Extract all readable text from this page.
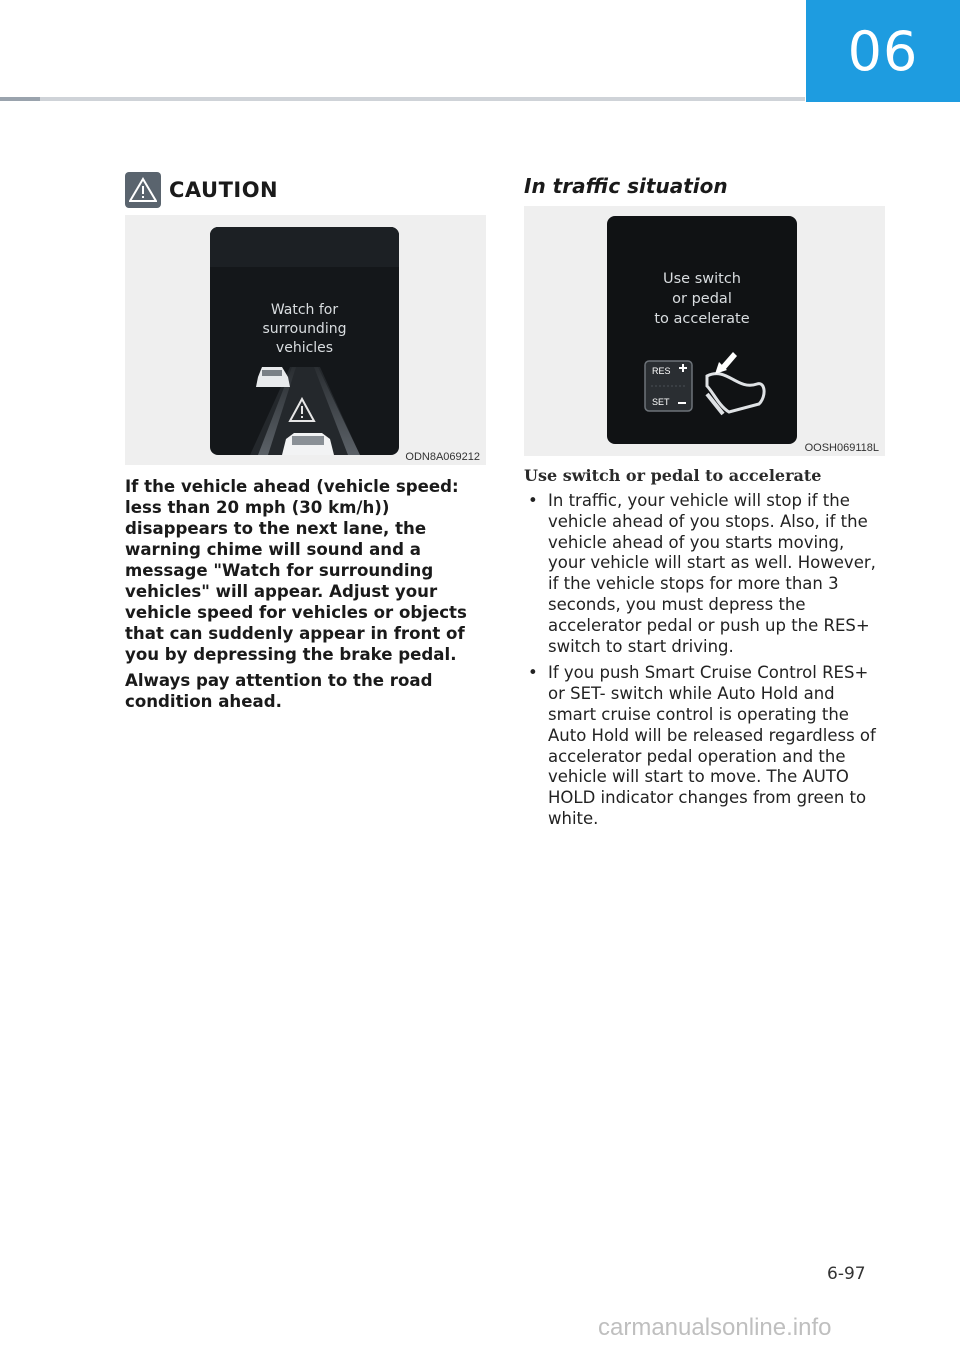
06
CAUTION
Watch for
surrounding
vehicles
ODN8A069212
If the vehicle ahead (vehicle speed: less than 20 mph (30 km/h)) disappears to the next lane, the warning chime will sound and a message "Watch for surrounding vehicles" will appear. Adjust your vehicle speed for vehicles or objects that can suddenly appear in front of you by depressing the brake pedal.
Always pay attention to the road condition ahead.
In traffic situation
Use switch
or pedal
to accelerate
RES
SET
OOSH069118L
Use switch or pedal to accelerate
• In traffic, your vehicle will stop if the vehicle ahead of you stops. Also, if the vehicle ahead of you starts moving, your vehicle will start as well. However, if the vehicle stops for more than 3 seconds, you must depress the accelerator pedal or push up the RES+ switch to start driving.
• If you push Smart Cruise Control RES+ or SET- switch while Auto Hold and smart cruise control is operating the Auto Hold will be released regardless of accelerator pedal operation and the vehicle will start to move. The AUTO HOLD indicator changes from green to white.
6-97
carmanualsonline.info
